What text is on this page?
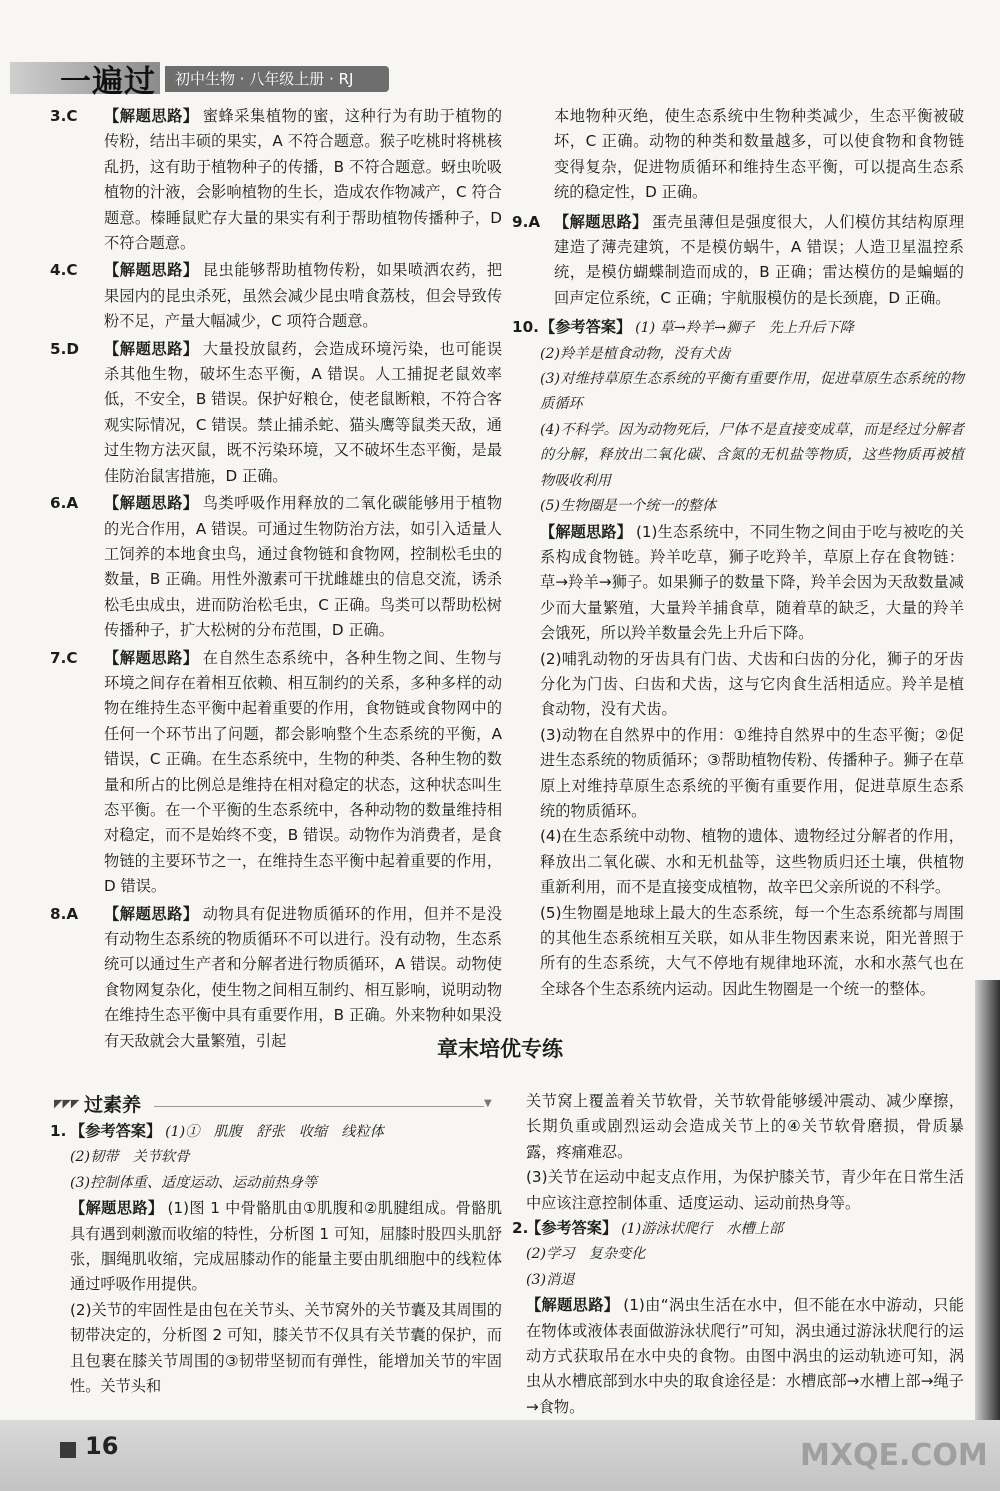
一遍过	初中生物 · 八年级上册 · RJ
3.C	【解题思路】 蜜蜂采集植物的蜜，这种行为有助于植物的传粉，结出丰硕的果实，A 不符合题意。猴子吃桃时将桃核乱扔，这有助于植物种子的传播，B 不符合题意。蚜虫吮吸植物的汁液，会影响植物的生长，造成农作物减产，C 符合题意。榛睡鼠贮存大量的果实有利于帮助植物传播种子，D 不符合题意。
4.C	【解题思路】 昆虫能够帮助植物传粉，如果喷洒农药，把果园内的昆虫杀死，虽然会减少昆虫啃食荔枝，但会导致传粉不足，产量大幅减少，C 项符合题意。
5.D	【解题思路】 大量投放鼠药，会造成环境污染，也可能误杀其他生物，破坏生态平衡，A 错误。人工捕捉老鼠效率低，不安全，B 错误。保护好粮仓，使老鼠断粮，不符合客观实际情况，C 错误。禁止捕杀蛇、猫头鹰等鼠类天敌，通过生物方法灭鼠，既不污染环境，又不破坏生态平衡，是最佳防治鼠害措施，D 正确。
6.A	【解题思路】 鸟类呼吸作用释放的二氧化碳能够用于植物的光合作用，A 错误。可通过生物防治方法，如引入适量人工饲养的本地食虫鸟，通过食物链和食物网，控制松毛虫的数量，B 正确。用性外激素可干扰雌雄虫的信息交流，诱杀松毛虫成虫，进而防治松毛虫，C 正确。鸟类可以帮助松树传播种子，扩大松树的分布范围，D 正确。
7.C	【解题思路】 在自然生态系统中，各种生物之间、生物与环境之间存在着相互依赖、相互制约的关系，多种多样的动物在维持生态平衡中起着重要的作用，食物链或食物网中的任何一个环节出了问题，都会影响整个生态系统的平衡，A 错误，C 正确。在生态系统中，生物的种类、各种生物的数量和所占的比例总是维持在相对稳定的状态，这种状态叫生态平衡。在一个平衡的生态系统中，各种动物的数量维持相对稳定，而不是始终不变，B 错误。动物作为消费者，是食物链的主要环节之一，在维持生态平衡中起着重要的作用，D 错误。
8.A	【解题思路】 动物具有促进物质循环的作用，但并不是没有动物生态系统的物质循环不可以进行。没有动物，生态系统可以通过生产者和分解者进行物质循环，A 错误。动物使食物网复杂化，使生物之间相互制约、相互影响，说明动物在维持生态平衡中具有重要作用，B 正确。外来物种如果没有天敌就会大量繁殖，引起
本地物种灭绝，使生态系统中生物种类减少，生态平衡被破坏，C 正确。动物的种类和数量越多，可以使食物和食物链变得复杂，促进物质循环和维持生态平衡，可以提高生态系统的稳定性，D 正确。
9.A 【解题思路】 蛋壳虽薄但是强度很大，人们模仿其结构原理建造了薄壳建筑，不是模仿蜗牛，A 错误；人造卫星温控系统，是模仿蝴蝶制造而成的，B 正确；雷达模仿的是蝙蝠的回声定位系统，C 正确；宇航服模仿的是长颈鹿，D 正确。
10. 【参考答案】 (1) 草→羚羊→狮子　先上升后下降
(2)羚羊是植食动物，没有犬齿
(3)对维持草原生态系统的平衡有重要作用，促进草原生态系统的物质循环
(4)不科学。因为动物死后，尸体不是直接变成草，而是经过分解者的分解，释放出二氧化碳、含氮的无机盐等物质，这些物质再被植物吸收利用
(5)生物圈是一个统一的整体
【解题思路】 (1)生态系统中，不同生物之间由于吃与被吃的关系构成食物链。羚羊吃草，狮子吃羚羊，草原上存在食物链：草→羚羊→狮子。如果狮子的数量下降，羚羊会因为天敌数量减少而大量繁殖，大量羚羊捕食草，随着草的缺乏，大量的羚羊会饿死，所以羚羊数量会先上升后下降。
(2)哺乳动物的牙齿具有门齿、犬齿和臼齿的分化，狮子的牙齿分化为门齿、臼齿和犬齿，这与它肉食生活相适应。羚羊是植食动物，没有犬齿。
(3)动物在自然界中的作用：①维持自然界中的生态平衡；②促进生态系统的物质循环；③帮助植物传粉、传播种子。狮子在草原上对维持草原生态系统的平衡有重要作用，促进草原生态系统的物质循环。
(4)在生态系统中动物、植物的遗体、遗物经过分解者的作用，释放出二氧化碳、水和无机盐等，这些物质归还土壤，供植物重新利用，而不是直接变成植物，故辛巴父亲所说的不科学。
(5)生物圈是地球上最大的生态系统，每一个生态系统都与周围的其他生态系统相互关联，如从非生物因素来说，阳光普照于所有的生态系统，大气不停地有规律地环流，水和水蒸气也在全球各个生态系统内运动。因此生物圈是一个统一的整体。
章末培优专练
◤◤◤ 过素养	▼
1. 【参考答案】 (1)①　肌腹　舒张　收缩　线粒体
(2)韧带　关节软骨
(3)控制体重、适度运动、运动前热身等
【解题思路】 (1)图 1 中骨骼肌由①肌腹和②肌腱组成。骨骼肌具有遇到刺激而收缩的特性，分析图 1 可知，屈膝时股四头肌舒张，腘绳肌收缩，完成屈膝动作的能量主要由肌细胞中的线粒体通过呼吸作用提供。
(2)关节的牢固性是由包在关节头、关节窝外的关节囊及其周围的韧带决定的，分析图 2 可知，膝关节不仅具有关节囊的保护，而且包裹在膝关节周围的③韧带坚韧而有弹性，能增加关节的牢固性。关节头和
关节窝上覆盖着关节软骨，关节软骨能够缓冲震动、减少摩擦，长期负重或剧烈运动会造成关节上的④关节软骨磨损，骨质暴露，疼痛难忍。
(3)关节在运动中起支点作用，为保护膝关节，青少年在日常生活中应该注意控制体重、适度运动、运动前热身等。
2.
【参考答案】 (1)游泳状爬行　水槽上部
(2)学习　复杂变化
(3)消退
【解题思路】 (1)由“涡虫生活在水中，但不能在水中游动，只能在物体或液体表面做游泳状爬行”可知，涡虫通过游泳状爬行的运动方式获取吊在水中央的食物。由图中涡虫的运动轨迹可知，涡虫从水槽底部到水中央的取食途径是：水槽底部→水槽上部→绳子→食物。
16	MXQE.COM
